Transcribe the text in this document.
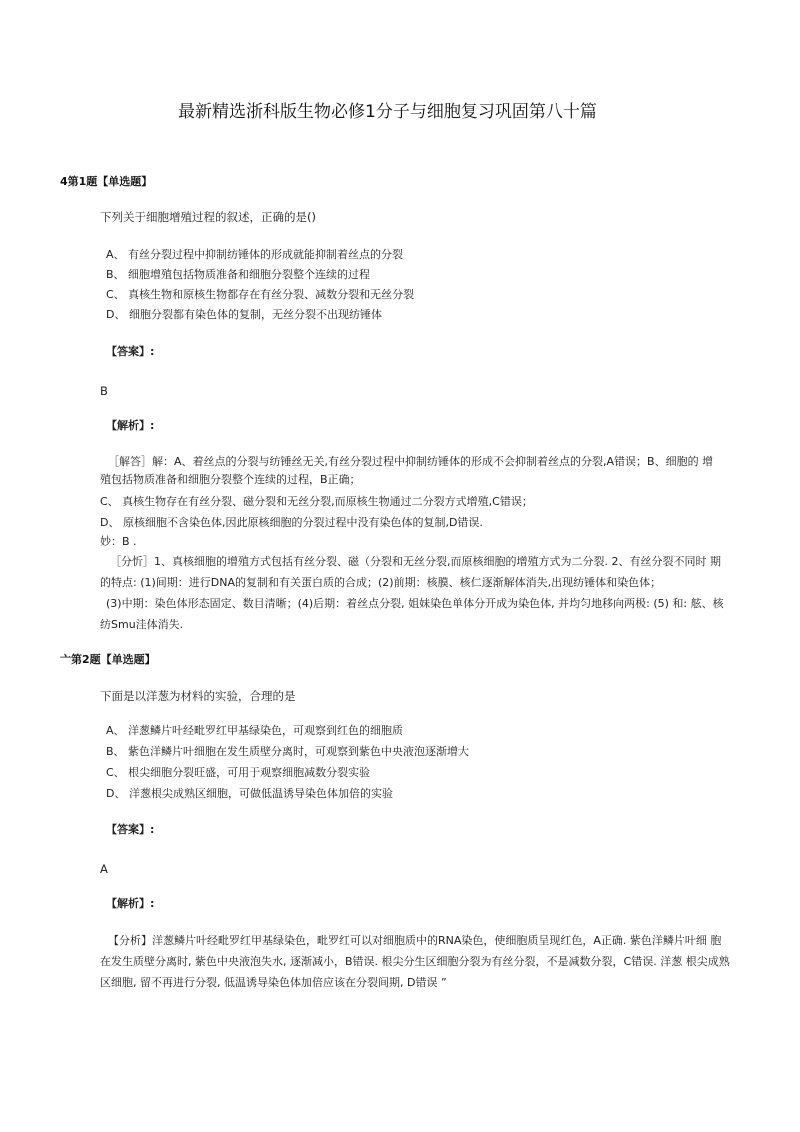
最新精选浙科版生物必修1分子与细胞复习巩固第八十篇
4第1题【单选题】
下列关于细胞增殖过程的叙述，正确的是()
A、 有丝分裂过程中抑制纺锤体的形成就能抑制着丝点的分裂
B、 细胞增殖包括物质准备和细胞分裂整个连续的过程
C、 真核生物和原核生物都存在有丝分裂、减数分裂和无丝分裂
D、 细胞分裂都有染色体的复制，无丝分裂不出现纺锤体
【答案】:
B
【解析】:
［解答］解：A、着丝点的分裂与纺锤丝无关,有丝分裂过程中抑制纺锤体的形成不会抑制着丝点的分裂,A错误；B、细胞的 增
殖包括物质准备和细胞分裂整个连续的过程，B正确；
C、 真核生物存在有丝分裂、磁分裂和无丝分裂,而原核生物通过二分裂方式增殖,C错误；
D、 原核细胞不含染色体,因此原核细胞的分裂过程中没有染色体的复制,D错误.
妙：B .
［分忻］1、真核细胞的增殖方式包括有丝分裂、磁（分裂和无丝分裂,而原核细胞的增殖方式为二分裂. 2、有丝分裂不同时 期
的特点: (1)间期：进行DNA的复制和有关蛋白质的合成；(2)前期：核膜、核仁逐渐解体消失,出现纺锤体和染色体；
(3)中期：染色体形态固定、数目清晰；(4)后期：着丝点分裂, 姐妹染色单体分开成为染色体, 并均匀地移向两极: (5) 和: 舷、核
纺Smu洼体消失.
亠第2题【单选题】
下面是以洋葱为材料的实验，合理的是
A、 洋葱鳞片叶经毗罗红甲基绿染色，可观察到红色的细胞质
B、 紫色洋鳞片叶细胞在发生质壁分离时，可观察到紫色中央液泡逐渐增大
C、 根尖细胞分裂旺盛，可用于观察细胞减数分裂实验
D、 洋葱根尖成熟区细胞，可做低温诱导染色体加倍的实验
【答案】:
A
【解析】:
【分析】洋葱鳞片叶经毗罗红甲基绿染色，毗罗红可以对细胞质中的RNA染色，使细胞质呈现红色，A正确. 紫色洋鳞片叶细 胞
在发生质壁分离时, 紫色中央液泡失水, 逐渐减小，B错误. 根尖分生区细胞分裂为有丝分裂，不是减数分裂，C错误. 洋葱 根尖成熟
区细胞, 留不再进行分裂, 低温诱导染色体加倍应该在分裂间期, D错误 ”
